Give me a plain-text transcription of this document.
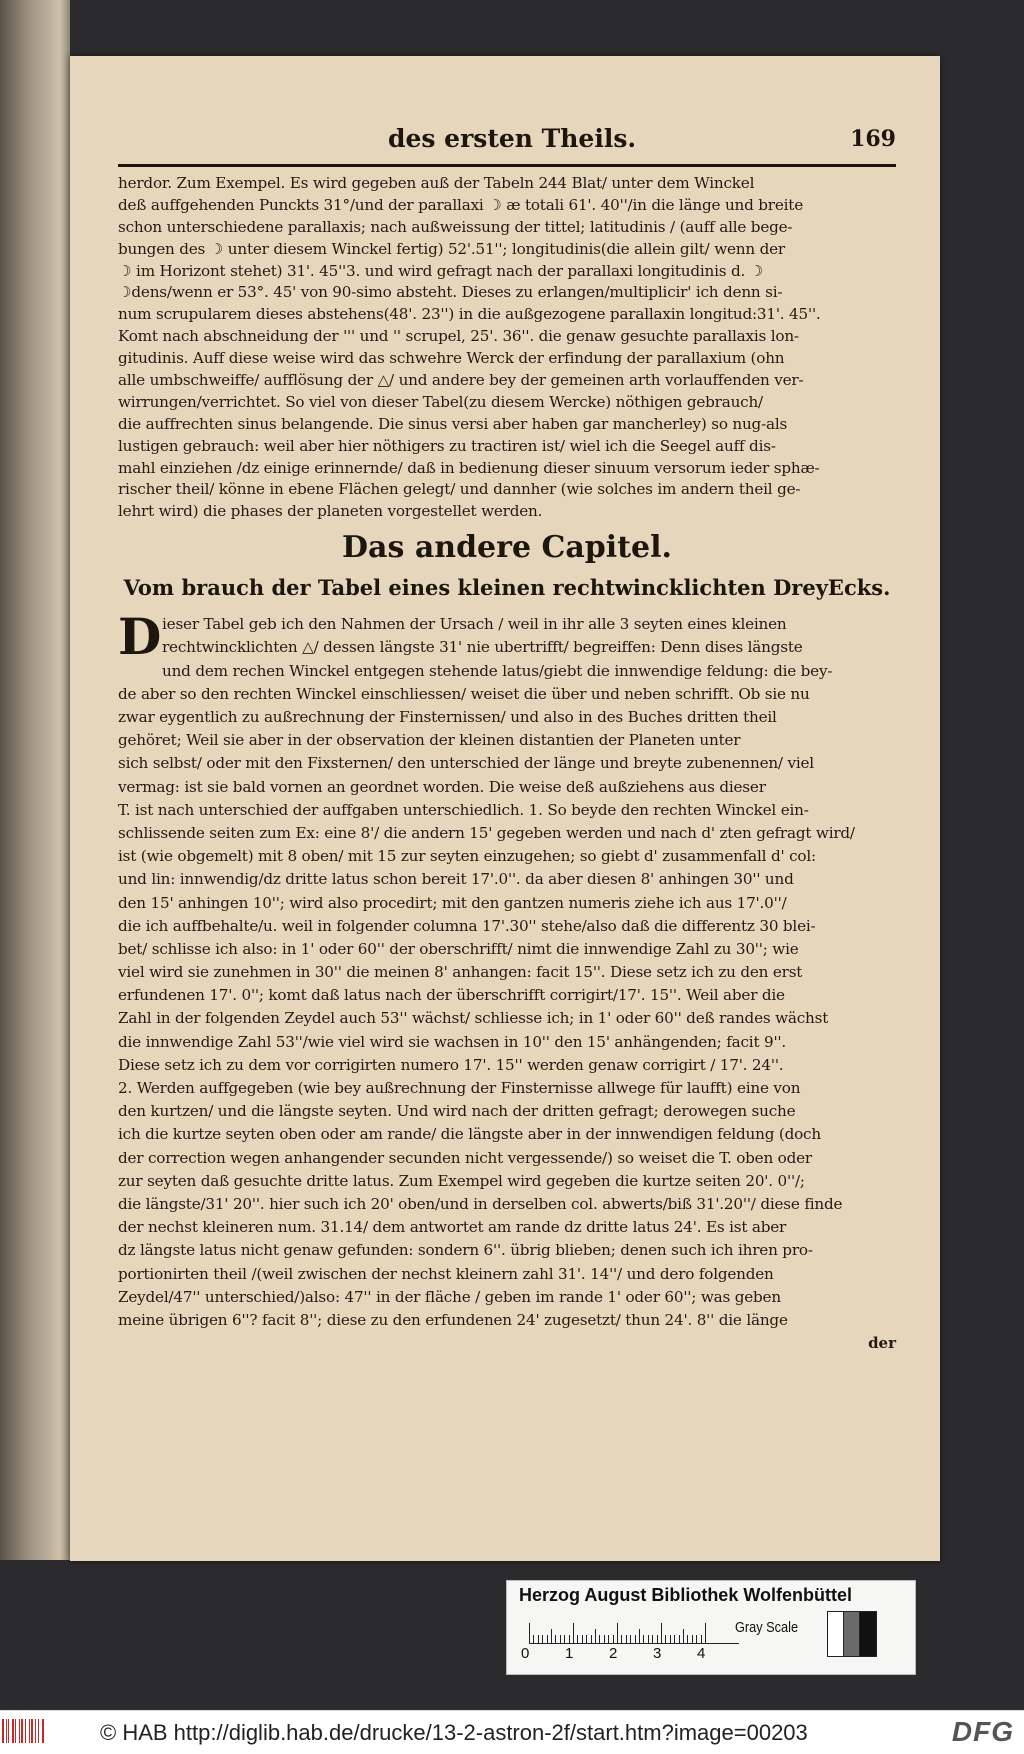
des ersten Theils.	169
herdor. Zum Exempel. Es wird gegeben auß der Tabeln 244 Blat/ unter dem Winckel
deß auffgehenden Punckts 31°/und der parallaxi ☽ æ totali 61'. 40''/in die länge und breite
schon unterschiedene parallaxis; nach außweissung der tittel; latitudinis / (auff alle bege-
bungen des ☽ unter diesem Winckel fertig) 52'.51''; longitudinis(die allein gilt/ wenn der
☽ im Horizont stehet) 31'. 45''3. und wird gefragt nach der parallaxi longitudinis d. ☽
☽dens/wenn er 53°. 45' von 90-simo absteht. Dieses zu erlangen/multiplicir' ich denn si-
num scrupularem dieses abstehens(48'. 23'') in die außgezogene parallaxin longitud:31'. 45''.
Komt nach abschneidung der ''' und '' scrupel, 25'. 36''. die genaw gesuchte parallaxis lon-
gitudinis. Auff diese weise wird das schwehre Werck der erfindung der parallaxium (ohn
alle umbschweiffe/ aufflösung der △/ und andere bey der gemeinen arth vorlauffenden ver-
wirrungen/verrichtet. So viel von dieser Tabel(zu diesem Wercke) nöthigen gebrauch/
die auffrechten sinus belangende. Die sinus versi aber haben gar mancherley) so nug-als
lustigen gebrauch: weil aber hier nöthigers zu tractiren ist/ wiel ich die Seegel auff dis-
mahl einziehen /dz einige erinnernde/ daß in bedienung dieser sinuum versorum ieder sphæ-
rischer theil/ könne in ebene Flächen gelegt/ und dannher (wie solches im andern theil ge-
lehrt wird) die phases der planeten vorgestellet werden.
Das andere Capitel.
Vom brauch der Tabel eines kleinen rechtwincklichten DreyEcks.
D ieser Tabel geb ich den Nahmen der Ursach / weil in ihr alle 3 seyten eines kleinen
rechtwincklichten △/ dessen längste 31' nie ubertrifft/ begreiffen: Denn dises längste
und dem rechen Winckel entgegen stehende latus/giebt die innwendige feldung: die bey-
de aber so den rechten Winckel einschliessen/ weiset die über und neben schrifft. Ob sie nu
zwar eygentlich zu außrechnung der Finsternissen/ und also in des Buches dritten theil
gehöret; Weil sie aber in der observation der kleinen distantien der Planeten unter
sich selbst/ oder mit den Fixsternen/ den unterschied der länge und breyte zubenennen/ viel
vermag: ist sie bald vornen an geordnet worden. Die weise deß außziehens aus dieser
T. ist nach unterschied der auffgaben unterschiedlich. 1. So beyde den rechten Winckel ein-
schlissende seiten zum Ex: eine 8'/ die andern 15' gegeben werden und nach d' zten gefragt wird/
ist (wie obgemelt) mit 8 oben/ mit 15 zur seyten einzugehen; so giebt d' zusammenfall d' col:
und lin: innwendig/dz dritte latus schon bereit 17'.0''. da aber diesen 8' anhingen 30'' und
den 15' anhingen 10''; wird also procedirt; mit den gantzen numeris ziehe ich aus 17'.0''/
die ich auffbehalte/u. weil in folgender columna 17'.30'' stehe/also daß die differentz 30 blei-
bet/ schlisse ich also: in 1' oder 60'' der oberschrifft/ nimt die innwendige Zahl zu 30''; wie
viel wird sie zunehmen in 30'' die meinen 8' anhangen: facit 15''. Diese setz ich zu den erst
erfundenen 17'. 0''; komt daß latus nach der überschrifft corrigirt/17'. 15''. Weil aber die
Zahl in der folgenden Zeydel auch 53'' wächst/ schliesse ich; in 1' oder 60'' deß randes wächst
die innwendige Zahl 53''/wie viel wird sie wachsen in 10'' den 15' anhängenden; facit 9''.
Diese setz ich zu dem vor corrigirten numero 17'. 15'' werden genaw corrigirt / 17'. 24''.
2. Werden auffgegeben (wie bey außrechnung der Finsternisse allwege für laufft) eine von
den kurtzen/ und die längste seyten. Und wird nach der dritten gefragt; derowegen suche
ich die kurtze seyten oben oder am rande/ die längste aber in der innwendigen feldung (doch
der correction wegen anhangender secunden nicht vergessende/) so weiset die T. oben oder
zur seyten daß gesuchte dritte latus. Zum Exempel wird gegeben die kurtze seiten 20'. 0''/;
die längste/31' 20''. hier such ich 20' oben/und in derselben col. abwerts/biß 31'.20''/ diese finde
der nechst kleineren num. 31.14/ dem antwortet am rande dz dritte latus 24'. Es ist aber
dz längste latus nicht genaw gefunden: sondern 6''. übrig blieben; denen such ich ihren pro-
portionirten theil /(weil zwischen der nechst kleinern zahl 31'. 14''/ und dero folgenden
Zeydel/47'' unterschied/)also: 47'' in der fläche / geben im rande 1' oder 60''; was geben
meine übrigen 6''? facit 8''; diese zu den erfundenen 24' zugesetzt/ thun 24'. 8'' die länge
der
Herzog August Bibliothek Wolfenbüttel
0 1 2 3 4
Gray Scale
© HAB http://diglib.hab.de/drucke/13-2-astron-2f/start.htm?image=00203	DFG
